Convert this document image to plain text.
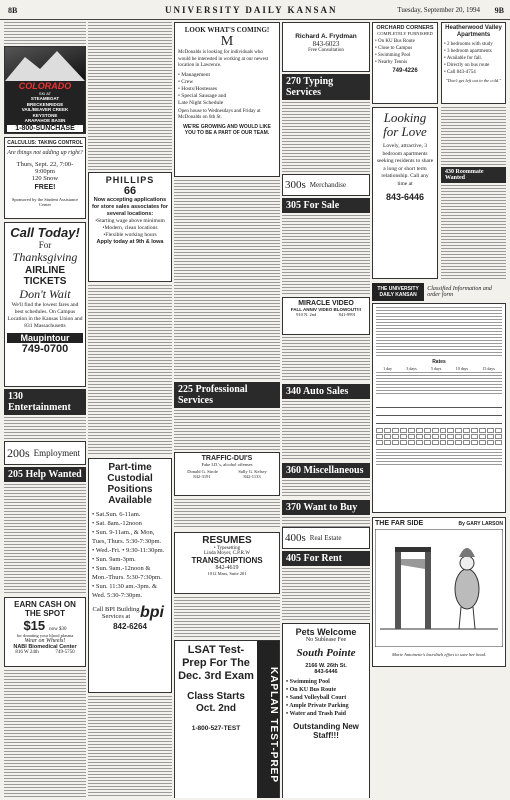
8B	UNIVERSITY DAILY KANSAN	Tuesday, September 20, 1994 9B
COLORADO
SKI AT
STEAMBOAT
BRECKENRIDGE
VAIL/BEAVER CREEK
KEYSTONE
ARAPAHOE BASIN
1-800-SUNCHASE
CALCULUS: TAKING CONTROL
Are things not adding up right?
Thurs, Sept. 22, 7:00-9:00pm
120 Snow
FREE!
Sponsored by the Student Assistance Center
Call Today!
For
Thanksgiving
AIRLINE
TICKETS
Don't Wait
We'll find the lowest fares and best schedules. On Campus Location in the Kansas Union and 831 Massachusetts
Maupintour
749-0700
130 Entertainment
200s Employment
205 Help Wanted
EARN CASH ON THE SPOT
$15 now $30
for donating your blood plasma
Wear on Wheels!
NABI Biomedical Center
816 W 24th	749-5750
PHILLIPS
66
Now accepting applications for store sales associates for several locations:
•Starting wage above minimum
•Modern, clean locations
•Flexible working hours
Apply today at 9th & Iowa
Part-time Custodial Positions Available
• Sat.Sun. 6-11am.
• Sat. 8am.-12noon
• Sun. 9-11am., & Mon, Tues, Thurs. 5:30-7:30pm.
• Wed.-Fri. • 9:30-11:30pm.
• Sun. 9am-3pm.
• Sun. 9am.-12noon & Mon.-Thurs. 5:30-7:30pm.
• Sun. 11:30 am.-3pm. & Wed. 5:30-7:30pm.
Call BPI Building Services at bpi
842-6264
LOOK WHAT'S COMING!
M
McDonalds is looking for individuals who would be interested in working at our newest location in Lawrence.
• Management
• Crew
• Hosts/Hostesses
• Special Sausage and
Late Night Schedule
Open house to Wednesdays and Friday at McDonalds on 6th St.
WE'RE GROWING AND WOULD LIKE YOU TO BE A PART OF OUR TEAM.
225 Professional Services
TRAFFIC-DUI'S
Fake I.D.'s, alcohol offenses
Donald G. Strole	Sally G. Kelsey
842-3191	842-1133
RESUMES
• Typesetting
Linda Moyer, C.P.R.W
TRANSCRIPTIONS
842-4619
1012 Mass, Suite 201
LSAT Test-Prep For The Dec. 3rd Exam
Class Starts Oct. 2nd
1-800-527-TEST	KAPLAN TEST-PREP
Richard A. Frydman
843-6023
Free Consultation
270 Typing Services
300s Merchandise
305 For Sale
MIRACLE VIDEO
FALL ANNIV VIDEO BLOWOUT!!!
910 N. 2nd	841-9991
340 Auto Sales
360 Miscellaneous
370 Want to Buy
400s Real Estate
405 For Rent
Pets Welcome
No Sublease Fee
South Pointe
2166 W. 26th St.
843-6446
• Swimming Pool
• On KU Bus Route
• Sand Volleyball Court
• Ample Private Parking
• Water and Trash Paid
Outstanding New Staff!!!
ORCHARD CORNERS
COMPLETELY FURNISHED
• On KU Bus Route
• Close to Campus
• Swimming Pool
• Nearby Tennis
749-4226
Heatherwood Valley Apartments
• 2 bedrooms with study
• 3 bedroom apartments
• Available for fall.
• Directly on bus route
• Call 843-4754
"Don't get left out in the cold."
Looking for Love
Lovely, attractive, 3 bedroom apartments seeking residents to share a long or short term relationship. Call any time at
843-6446
430 Roommate Wanted
THE UNIVERSITY DAILY KANSAN
Classified Information and order form
Rates
1 day	3 days	5 days	10 days	15 days
THE FAR SIDE	By GARY LARSON
Marie Antoinette's last-ditch effort to save her head.
